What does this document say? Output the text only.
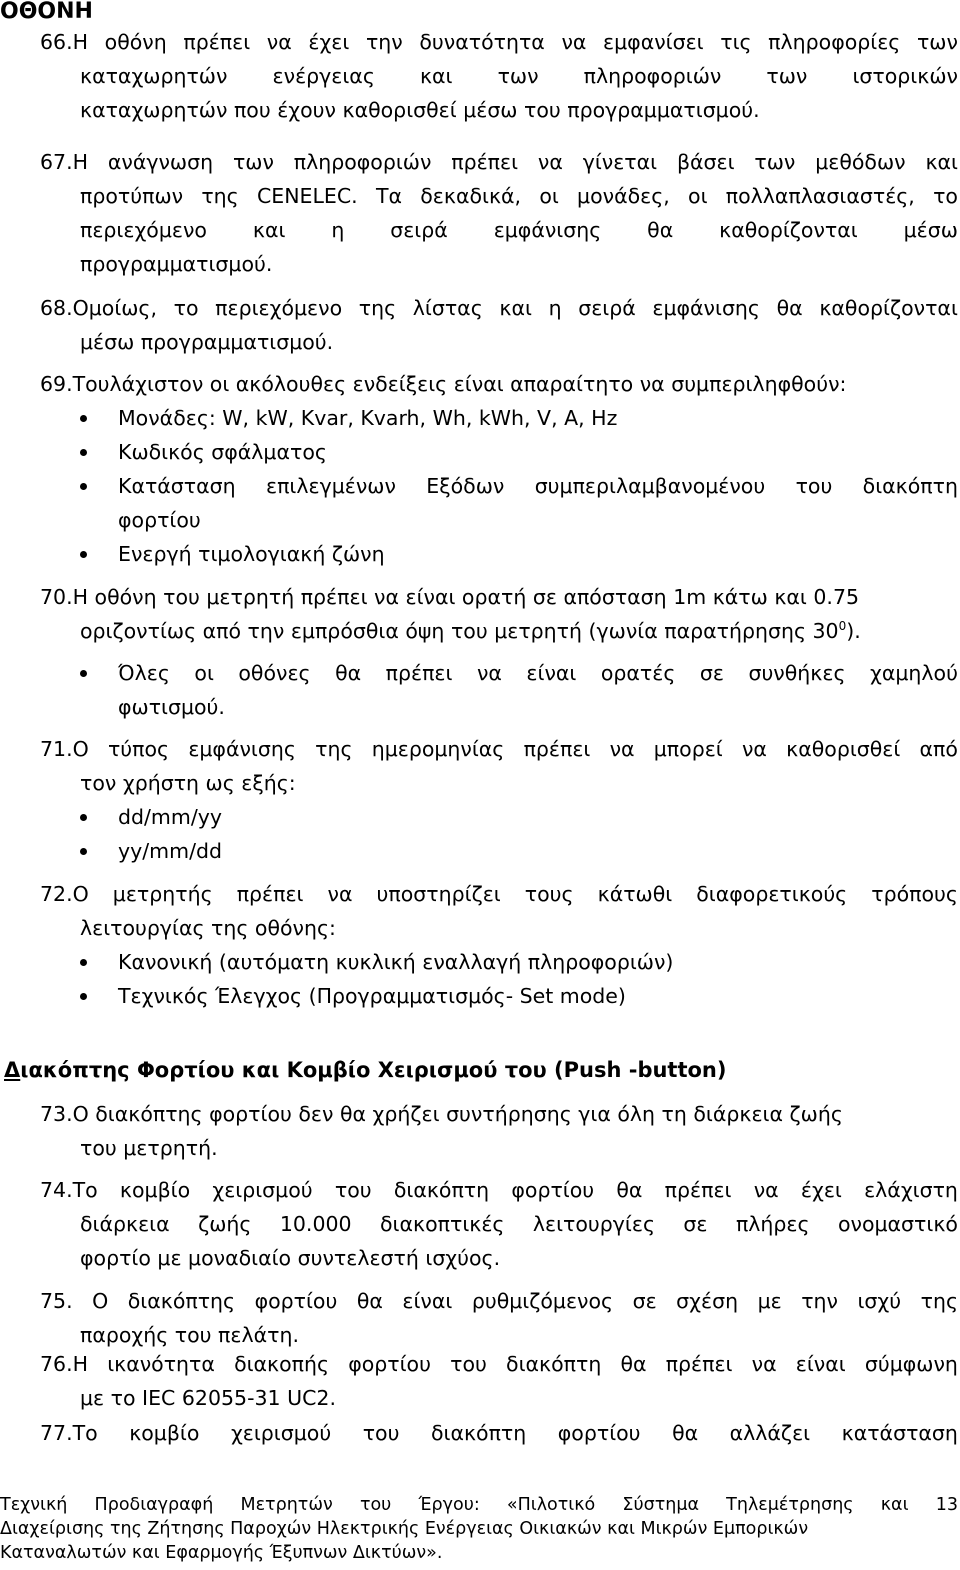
ΟΘΟΝΗ
66.Η οθόνη πρέπει να έχει την δυνατότητα να εμφανίσει τις πληροφορίες των
καταχωρητών ενέργειας και των πληροφοριών των ιστορικών
καταχωρητών που έχουν καθορισθεί μέσω του προγραμματισμού.
67.Η ανάγνωση των πληροφοριών πρέπει να γίνεται βάσει των μεθόδων και
προτύπων της CENELEC. Τα δεκαδικά, οι μονάδες, οι πολλαπλασιαστές, το
περιεχόμενο και η σειρά εμφάνισης θα καθορίζονται μέσω
προγραμματισμού.
68.Ομοίως, το περιεχόμενο της λίστας και η σειρά εμφάνισης θα καθορίζονται
μέσω προγραμματισμού.
69.Τουλάχιστον οι ακόλουθες ενδείξεις είναι απαραίτητο να συμπεριληφθούν:
Μονάδες: W, kW, Kvar, Kvarh, Wh, kWh, V, A, Hz
Κωδικός σφάλματος
Κατάσταση επιλεγμένων Εξόδων συμπεριλαμβανομένου του διακόπτη
φορτίου
Ενεργή τιμολογιακή ζώνη
70.Η οθόνη του μετρητή πρέπει να είναι ορατή σε απόσταση 1m κάτω και 0.75
οριζοντίως από την εμπρόσθια όψη του μετρητή (γωνία παρατήρησης $30^0$).
Όλες οι οθόνες θα πρέπει να είναι ορατές σε συνθήκες χαμηλού
φωτισμού.
71.Ο τύπος εμφάνισης της ημερομηνίας πρέπει να μπορεί να καθορισθεί από
τον χρήστη ως εξής:
dd/mm/yy
yy/mm/dd
72.Ο μετρητής πρέπει να υποστηρίζει τους κάτωθι διαφορετικούς τρόπους
λειτουργίας της οθόνης:
Κανονική (αυτόματη κυκλική εναλλαγή πληροφοριών)
Τεχνικός Έλεγχος (Προγραμματισμός- Set mode)
Διακόπτης Φορτίου και Κομβίο Χειρισμού του (Push -button)
73.Ο διακόπτης φορτίου δεν θα χρήζει συντήρησης για όλη τη διάρκεια ζωής
του μετρητή.
74.Το κομβίο χειρισμού του διακόπτη φορτίου θα πρέπει να έχει ελάχιστη
διάρκεια ζωής 10.000 διακοπτικές λειτουργίες σε πλήρες ονομαστικό
φορτίο με μοναδιαίο συντελεστή ισχύος.
75. Ο διακόπτης φορτίου θα είναι ρυθμιζόμενος σε σχέση με την ισχύ της
παροχής του πελάτη.
76.Η ικανότητα διακοπής φορτίου του διακόπτη θα πρέπει να είναι σύμφωνη
με το IEC 62055-31 UC2.
77.Το κομβίο χειρισμού του διακόπτη φορτίου θα αλλάζει κατάσταση
Τεχνική Προδιαγραφή Μετρητών του Έργου: «Πιλοτικό Σύστημα Τηλεμέτρησης και 13
Διαχείρισης της Ζήτησης Παροχών Ηλεκτρικής Ενέργειας Οικιακών και Μικρών Εμπορικών
Καταναλωτών και Εφαρμογής Έξυπνων Δικτύων».
